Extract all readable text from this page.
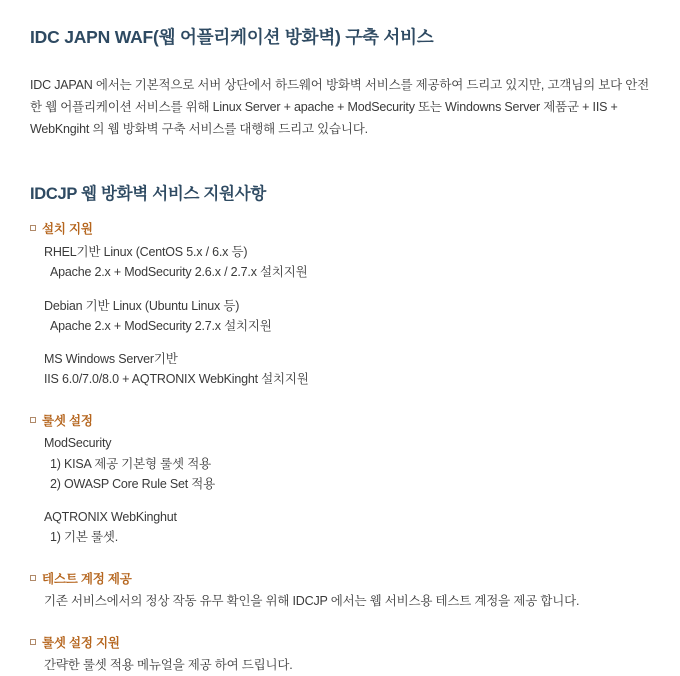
IDC JAPN WAF(웹 어플리케이션 방화벽) 구축 서비스

IDC JAPAN 에서는 기본적으로 서버 상단에서 하드웨어 방화벽 서비스를 제공하여 드리고 있지만, 고객님의 보다 안전한 웹 어플리케이션 서비스를 위해 Linux Server + apache + ModSecurity 또는 Windowns Server 제품군 + IIS + WebKngiht 의 웹 방화벽 구축 서비스를 대행해 드리고 있습니다.

IDCJP 웹 방화벽 서비스 지원사항
설치 지원
RHEL기반 Linux (CentOS 5.x / 6.x 등)
Apache 2.x + ModSecurity 2.6.x / 2.7.x 설치지원
Debian 기반 Linux (Ubuntu Linux 등)
Apache 2.x + ModSecurity 2.7.x 설치지원
MS Windows Server기반
IIS 6.0/7.0/8.0 + AQTRONIX WebKinght 설치지원
룰셋 설정
ModSecurity
1) KISA 제공 기본형 룰셋 적용
2) OWASP Core Rule Set 적용
AQTRONIX WebKinghut
1) 기본 룰셋.
테스트 계정 제공
기존 서비스에서의 정상 작동 유무 확인을 위해 IDCJP 에서는 웹 서비스용 테스트 계정을 제공 합니다.
룰셋 설정 지원
간략한 룰셋 적용 메뉴얼을 제공 하여 드립니다.
